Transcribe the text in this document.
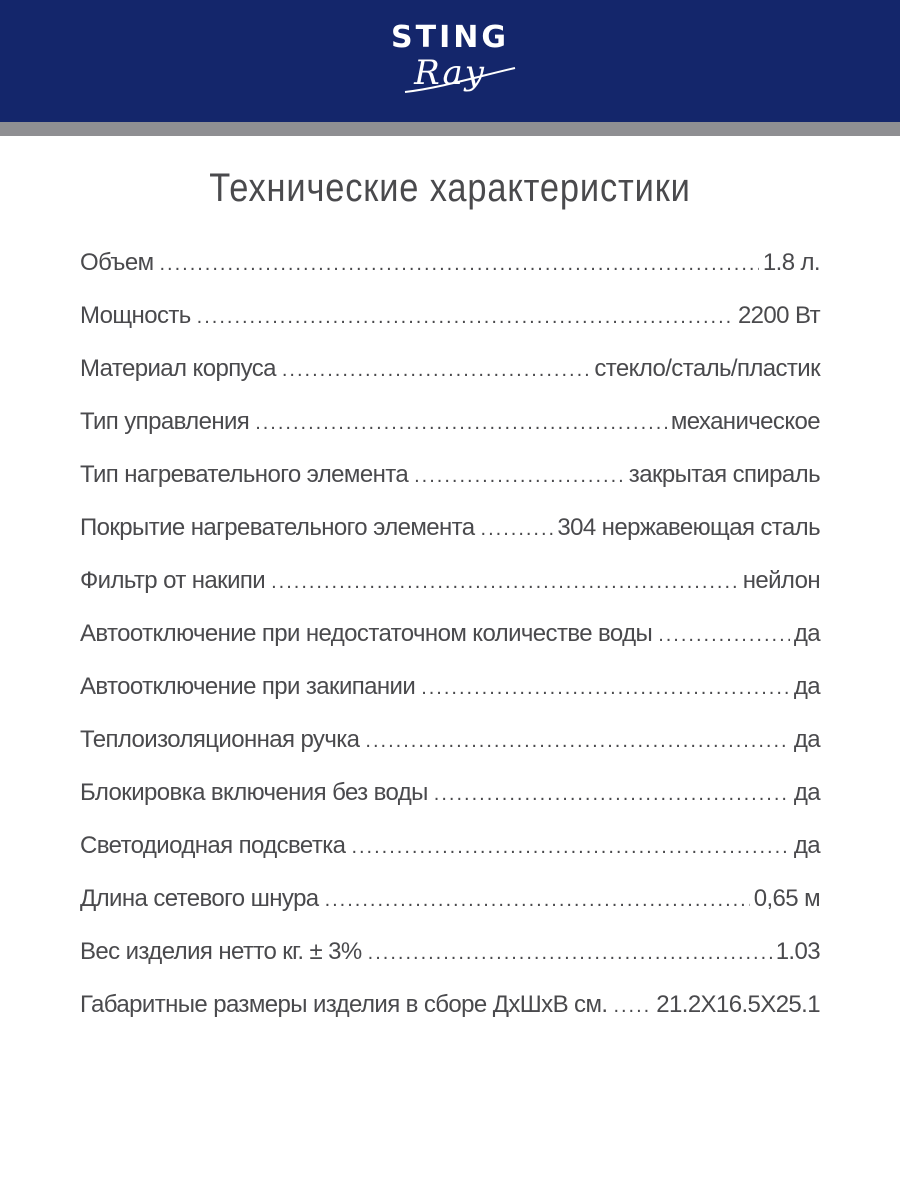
STING
Ray
Технические характеристики
Объем .....	1.8 л.
Мощность .....	2200 Вт
Материал корпуса .....	стекло/сталь/пластик
Тип управления .....	механическое
Тип нагревательного элемента .....	закрытая спираль
Покрытие нагревательного элемента .....	304 нержавеющая сталь
Фильтр от накипи .....	нейлон
Автоотключение при недостаточном количестве воды .....	да
Автоотключение при закипании .....	да
Теплоизоляционная ручка .....	да
Блокировка включения без воды .....	да
Светодиодная подсветка .....	да
Длина сетевого шнура .....	0,65 м
Вес изделия нетто кг. ± 3% .....	1.03
Габаритные размеры изделия в сборе ДхШхВ см. ..... 21.2X16.5X25.1
